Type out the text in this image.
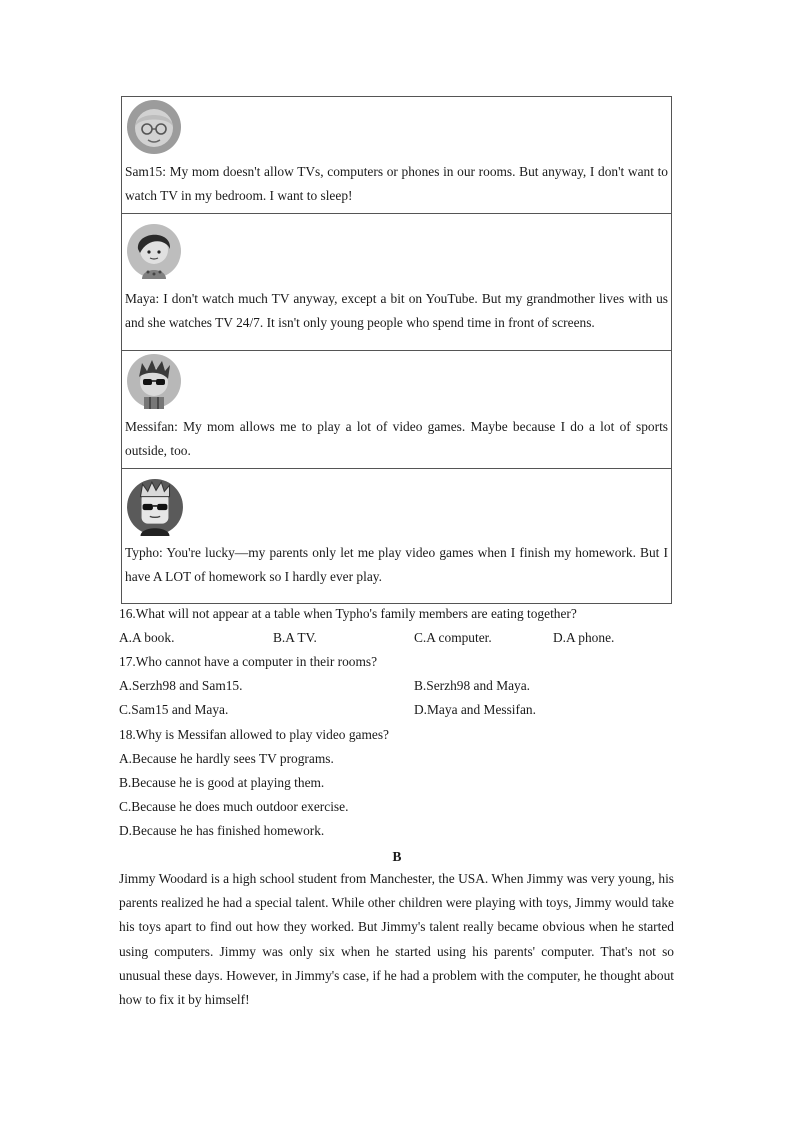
Sam15: My mom doesn't allow TVs, computers or phones in our rooms. But anyway, I don't want to watch TV in my bedroom. I want to sleep!
Maya: I don't watch much TV anyway, except a bit on YouTube. But my grandmother lives with us and she watches TV 24/7. It isn't only young people who spend time in front of screens.
Messifan: My mom allows me to play a lot of video games. Maybe because I do a lot of sports outside, too.
Typho: You're lucky—my parents only let me play video games when I finish my homework. But I have A LOT of homework so I hardly ever play.
16.What will not appear at a table when Typho's family members are eating together?
A.A book.	B.A TV.	C.A computer.	D.A phone.
17.Who cannot have a computer in their rooms?
A.Serzh98 and Sam15.	B.Serzh98 and Maya.
C.Sam15 and Maya.	D.Maya and Messifan.
18.Why is Messifan allowed to play video games?
A.Because he hardly sees TV programs.
B.Because he is good at playing them.
C.Because he does much outdoor exercise.
D.Because he has finished homework.
B
Jimmy Woodard is a high school student from Manchester, the USA. When Jimmy was very young, his parents realized he had a special talent. While other children were playing with toys, Jimmy would take his toys apart to find out how they worked. But Jimmy's talent really became obvious when he started using computers. Jimmy was only six when he started using his parents' computer. That's not so unusual these days. However, in Jimmy's case, if he had a problem with the computer, he thought about how to fix it by himself!
